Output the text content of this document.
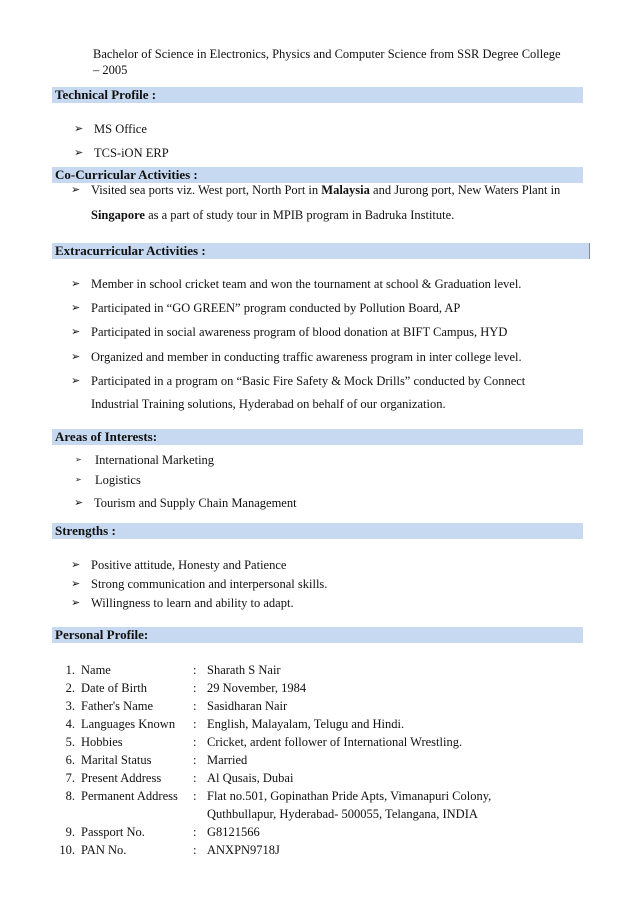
Bachelor of Science in Electronics, Physics and Computer Science from SSR Degree College
– 2005
Technical Profile :
➢ MS Office
➢ TCS-iON ERP
Co-Curricular Activities :
➢ Visited sea ports viz. West port, North Port in Malaysia and Jurong port, New Waters Plant in
Singapore as a part of study tour in MPIB program in Badruka Institute.
Extracurricular Activities :
➢ Member in school cricket team and won the tournament at school & Graduation level.
➢ Participated in “GO GREEN” program conducted by Pollution Board, AP
➢ Participated in social awareness program of blood donation at BIFT Campus, HYD
➢ Organized and member in conducting traffic awareness program in inter college level.
➢ Participated in a program on “Basic Fire Safety & Mock Drills” conducted by Connect
Industrial Training solutions, Hyderabad on behalf of our organization.
Areas of Interests:
➢ International Marketing
➢ Logistics
➢ Tourism and Supply Chain Management
Strengths :
➢ Positive attitude, Honesty and Patience
➢ Strong communication and interpersonal skills.
➢ Willingness to learn and ability to adapt.
Personal Profile:
1. Name	: Sharath S Nair
2. Date of Birth	: 29 November, 1984
3. Father's Name	: Sasidharan Nair
4. Languages Known : English, Malayalam, Telugu and Hindi.
5. Hobbies	: Cricket, ardent follower of International Wrestling.
6. Marital Status	: Married
7. Present Address	: Al Qusais, Dubai
8. Permanent Address : Flat no.501, Gopinathan Pride Apts, Vimanapuri Colony,
Quthbullapur, Hyderabad- 500055, Telangana, INDIA
9. Passport No.	: G8121566
10. PAN No.	: ANXPN9718J
